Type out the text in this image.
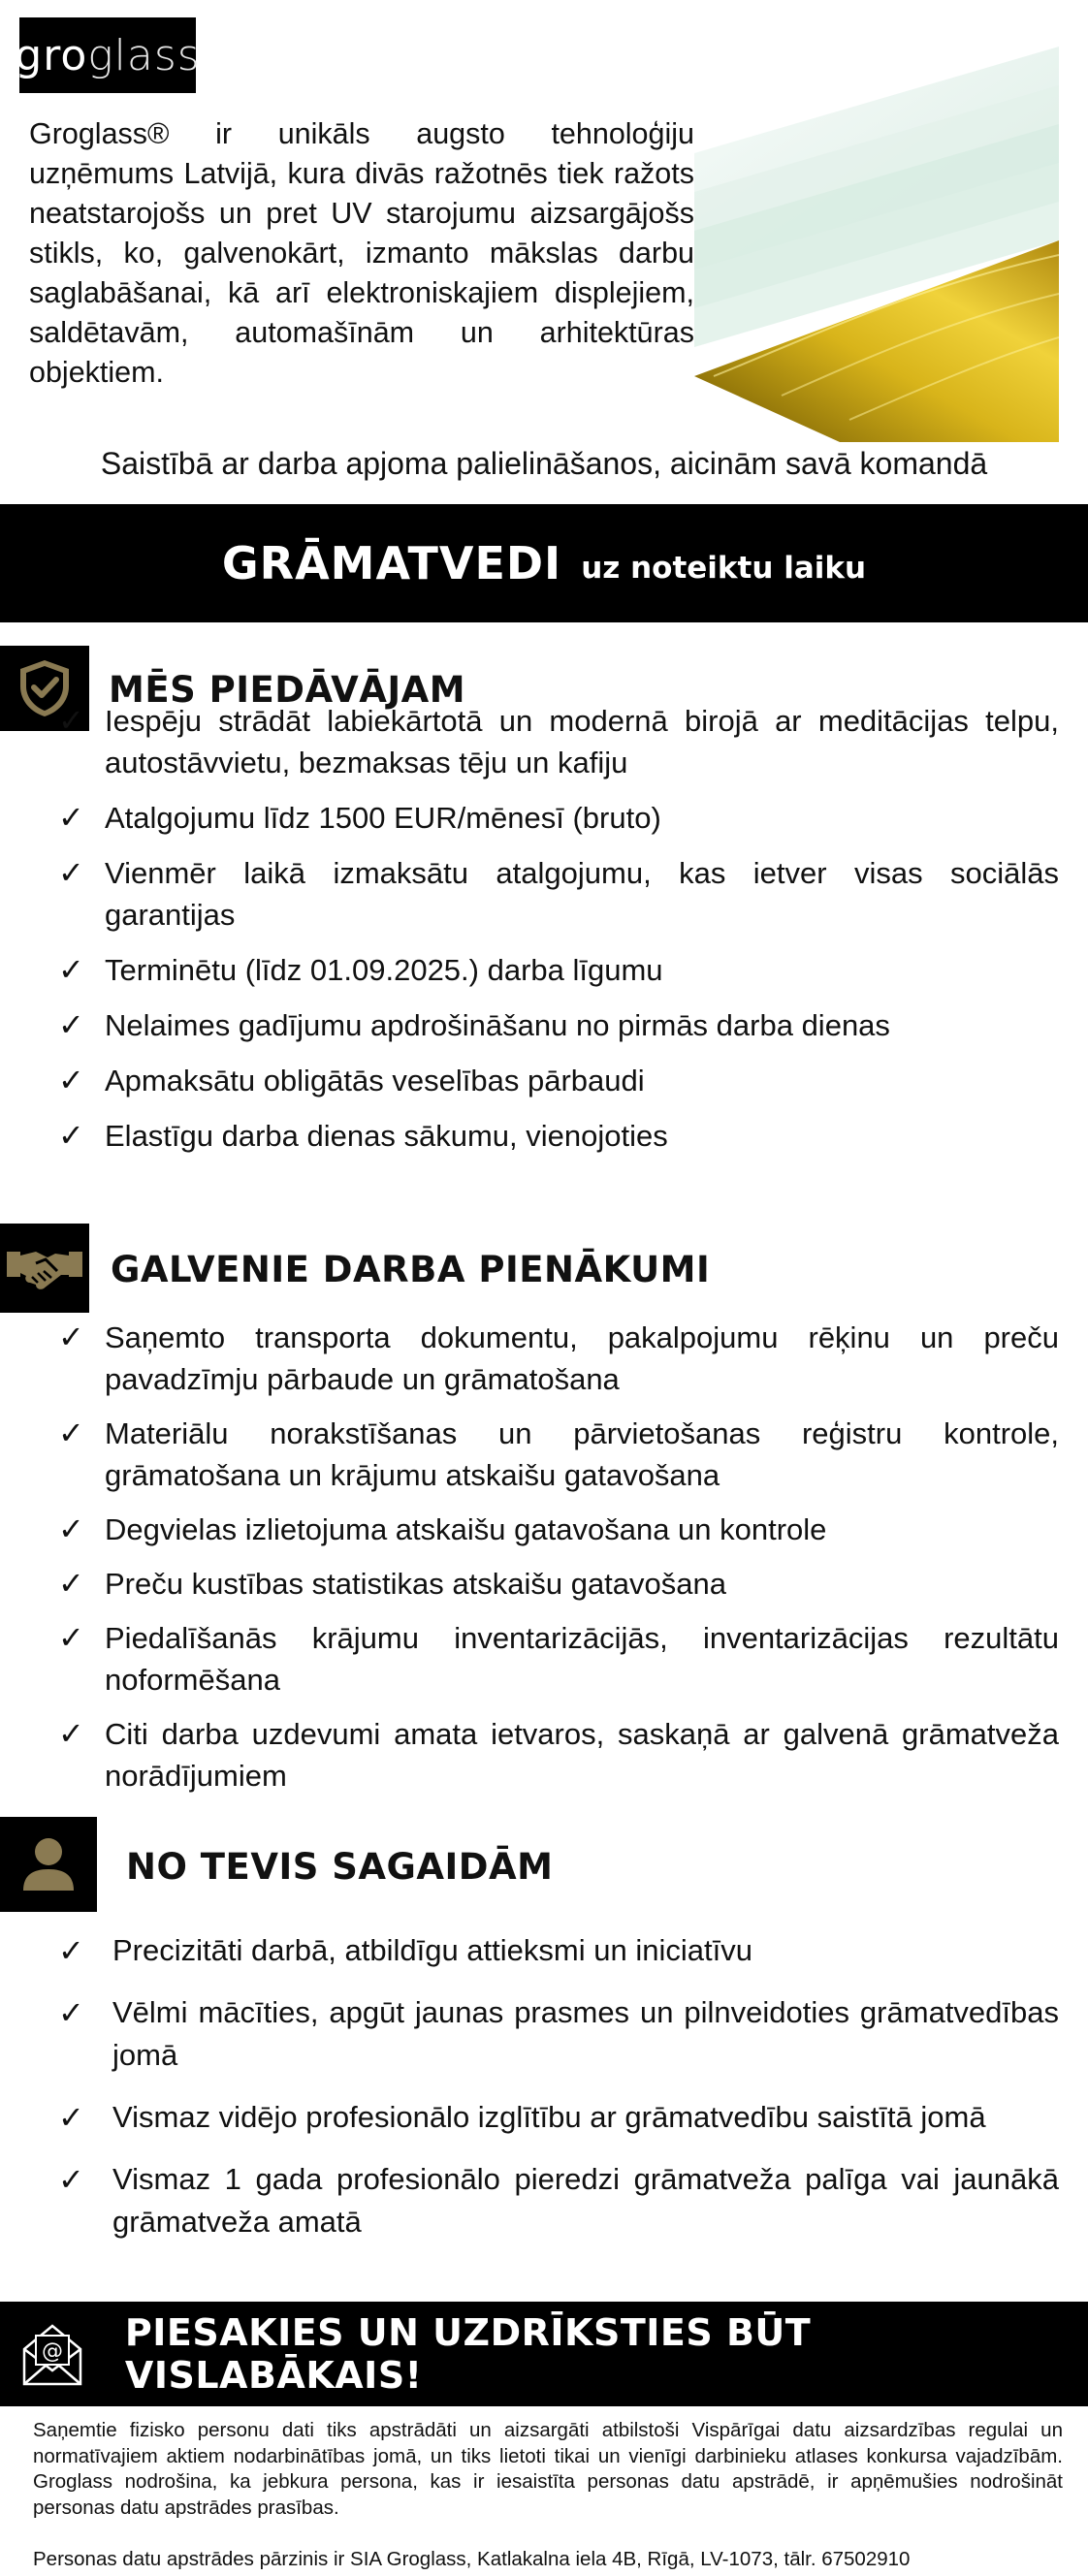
gro glass
Groglass® ir unikāls augsto tehnoloģiju uzņēmums Latvijā, kura divās ražotnēs tiek ražots neatstarojošs un pret UV starojumu aizsargājošs stikls, ko, galvenokārt, izmanto mākslas darbu saglabāšanai, kā arī elektroniskajiem displejiem, saldētavām, automašīnām un arhitektūras objektiem.
Saistībā ar darba apjoma palielināšanos, aicinām savā komandā
GRĀMATVEDI uz noteiktu laiku
MĒS PIEDĀVĀJAM
✓ Iespēju strādāt labiekārtotā un modernā birojā ar meditācijas telpu, autostāvvietu, bezmaksas tēju un kafiju
✓ Atalgojumu līdz 1500 EUR/mēnesī (bruto)
✓ Vienmēr laikā izmaksātu atalgojumu, kas ietver visas sociālās garantijas
✓ Terminētu (līdz 01.09.2025.) darba līgumu
✓ Nelaimes gadījumu apdrošināšanu no pirmās darba dienas
✓ Apmaksātu obligātās veselības pārbaudi
✓ Elastīgu darba dienas sākumu, vienojoties
GALVENIE DARBA PIENĀKUMI
✓ Saņemto transporta dokumentu, pakalpojumu rēķinu un preču pavadzīmju pārbaude un grāmatošana
✓ Materiālu norakstīšanas un pārvietošanas reģistru kontrole, grāmatošana un krājumu atskaišu gatavošana
✓ Degvielas izlietojuma atskaišu gatavošana un kontrole
✓ Preču kustības statistikas atskaišu gatavošana
✓ Piedalīšanās krājumu inventarizācijās, inventarizācijas rezultātu noformēšana
✓ Citi darba uzdevumi amata ietvaros, saskaņā ar galvenā grāmatveža norādījumiem
NO TEVIS SAGAIDĀM
✓ Precizitāti darbā, atbildīgu attieksmi un iniciatīvu
✓ Vēlmi mācīties, apgūt jaunas prasmes un pilnveidoties grāmatvedības jomā
✓ Vismaz vidējo profesionālo izglītību ar grāmatvedību saistītā jomā
✓ Vismaz 1 gada profesionālo pieredzi grāmatveža palīga vai jaunākā grāmatveža amatā
@ PIESAKIES UN UZDRĪKSTIES BŪT VISLABĀKAIS!
Saņemtie fizisko personu dati tiks apstrādāti un aizsargāti atbilstoši Vispārīgai datu aizsardzības regulai un normatīvajiem aktiem nodarbinātības jomā, un tiks lietoti tikai un vienīgi darbinieku atlases konkursa vajadzībām. Groglass nodrošina, ka jebkura persona, kas ir iesaistīta personas datu apstrādē, ir apņēmušies nodrošināt personas datu apstrādes prasības.
Personas datu apstrādes pārzinis ir SIA Groglass, Katlakalna iela 4B, Rīgā, LV-1073, tālr. 67502910
